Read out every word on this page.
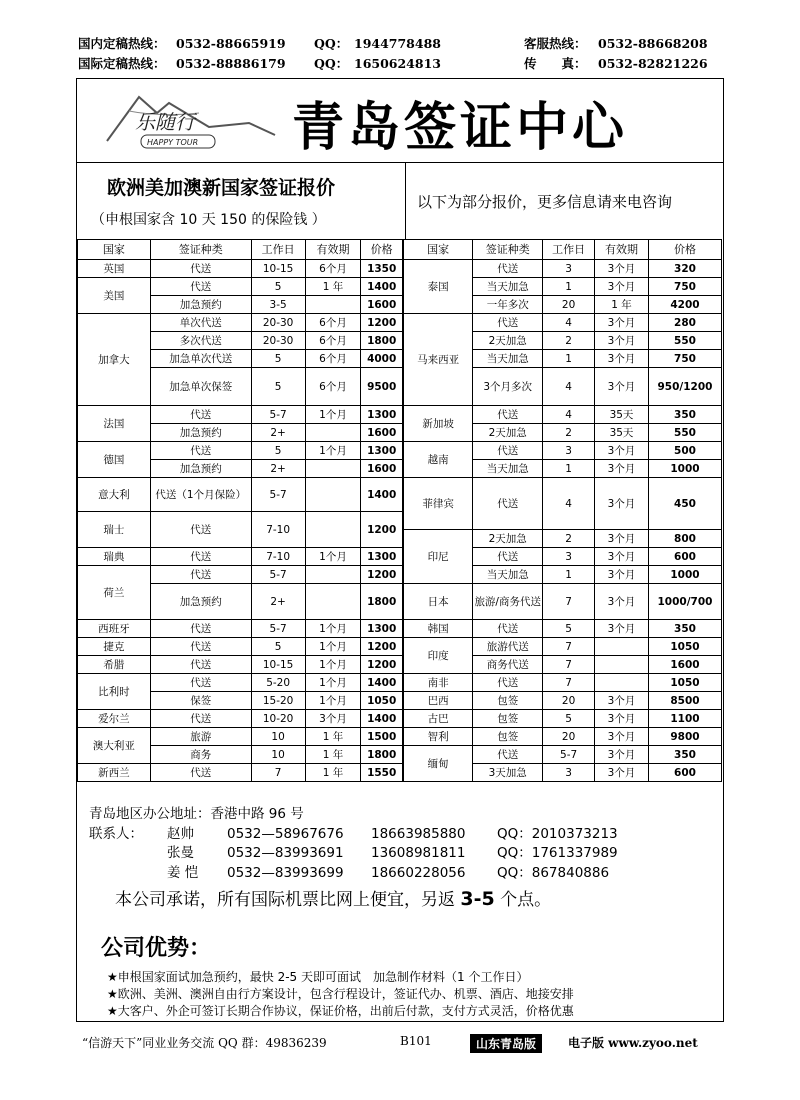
国内定稿热线： 0532-88665919 QQ： 1944778488	客服热线： 0532-88668208
国际定稿热线： 0532-88886179 QQ： 1650624813	传　　真： 0532-82821226
乐随行
HAPPY TOUR 青岛签证中心
欧洲美加澳新国家签证报价
（申根国家含 10 天 150 的保险钱 ）
以下为部分报价，更多信息请来电咨询
国家	签证种类	工作日	有效期	价格	国家	签证种类	工作日	有效期	价格
英国	代送	10-15	6个月	1350	泰国	代送	3	3个月	320
美国	代送	5	1 年	1400		当天加急	1	3个月	750
	加急预约	3-5		1600		一年多次	20	1 年	4200
加拿大	单次代送	20-30	6个月	1200	马来西亚	代送	4	3个月	280
	多次代送	20-30	6个月	1800		2天加急	2	3个月	550
	加急单次代送	5	6个月	4000		当天加急	1	3个月	750
	加急单次保签	5	6个月	9500		3个月多次	4	3个月	950/1200
法国	代送	5-7	1个月	1300	新加坡	代送	4	35天	350
	加急预约	2+		1600		2天加急	2	35天	550
德国	代送	5	1个月	1300	越南	代送	3	3个月	500
	加急预约	2+		1600		当天加急	1	3个月	1000
意大利	代送（1个月保险）	5-7		1400	菲律宾	代送	4	3个月	450
瑞士	代送	7-10		1200					
					印尼	2天加急	2	3个月	800
瑞典	代送	7-10	1个月	1300		代送	3	3个月	600
荷兰	代送	5-7		1200		当天加急	1	3个月	1000
	加急预约	2+		1800	日本	旅游/商务代送	7	3个月	1000/700
西班牙	代送	5-7	1个月	1300	韩国	代送	5	3个月	350
捷克	代送	5	1个月	1200	印度	旅游代送	7		1050
希腊	代送	10-15	1个月	1200		商务代送	7		1600
比利时	代送	5-20	1个月	1400	南非	代送	7		1050
	保签	15-20	1个月	1050	巴西	包签	20	3个月	8500
爱尔兰	代送	10-20	3个月	1400	古巴	包签	5	3个月	1100
澳大利亚	旅游	10	1 年	1500	智利	包签	20	3个月	9800
	商务	10	1 年	1800	缅甸	代送	5-7	3个月	350
新西兰	代送	7	1 年	1550		3天加急	3	3个月	600
青岛地区办公地址：香港中路 96 号
联系人： 赵帅 0532—58967676 18663985880 QQ：2010373213
张曼 0532—83993691 13608981811 QQ：1761337989
姜 恺 0532—83993699 18660228056 QQ：867840886
本公司承诺，所有国际机票比网上便宜，另返 3-5 个点。
公司优势：
★申根国家面试加急预约，最快 2-5 天即可面试　加急制作材料（1 个工作日）
★欧洲、美洲、澳洲自由行方案设计，包含行程设计，签证代办、机票、酒店、地接安排
★大客户、外企可签订长期合作协议，保证价格，出前后付款，支付方式灵活，价格优惠
“信游天下”同业业务交流 QQ 群：49836239	B101	山东青岛版	电子版 www.zyoo.net
